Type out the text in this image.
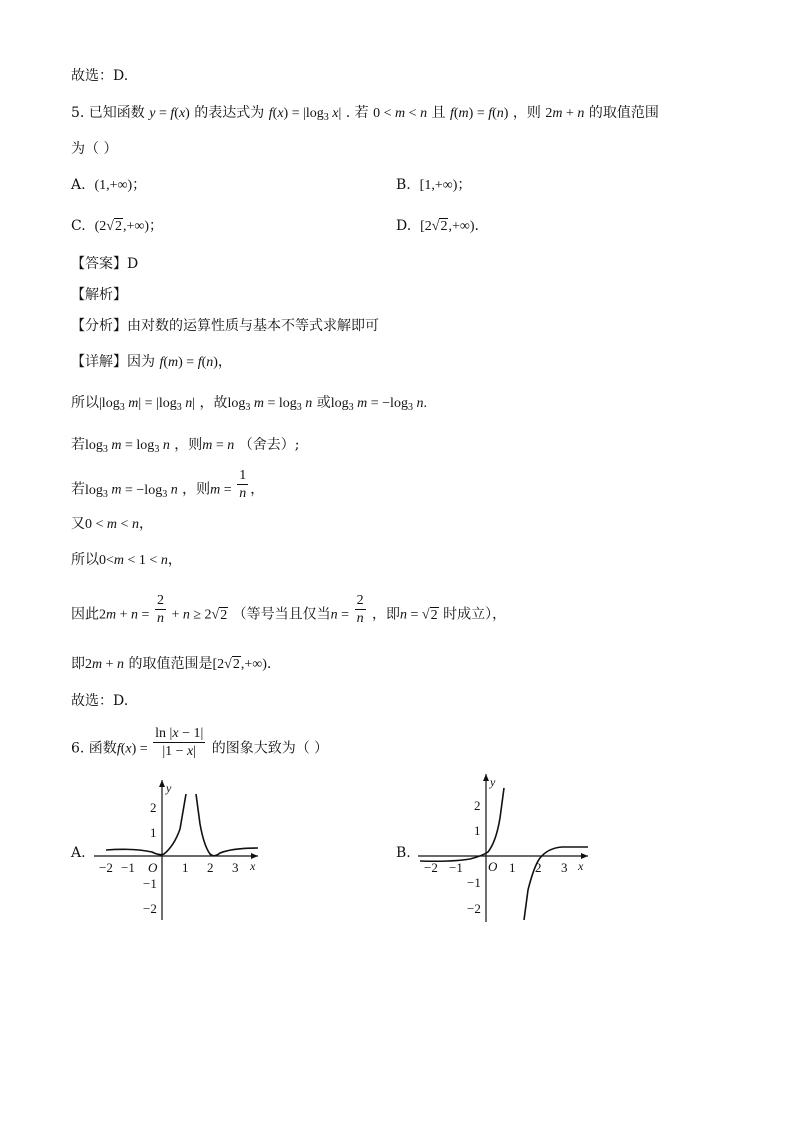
故选：D.
5. 已知函数 y = f(x) 的表达式为 $f(x) = |\log_3$ x| . 若 0 < m < n 且 f(m) = f(n) ，则 2m + n 的取值范围
为（ ）
A. (1,+∞)；	B. [1,+∞)；
C. (2√2,+∞)；	D. [2√2,+∞).
【答案】D
【解析】
【分析】由对数的运算性质与基本不等式求解即可
【详解】因为 f(m) = f(n)，
所以$|\log_3$ $m| = |\log_3$ n| ，故$\log_3 m = \log_3 n$ 或$\log_3 m = -\log_3$ n.
若$\log_3 m = \log_3 n$ ，则m = n （舍去）;
若$\log_3 m = -\log_3$ n ，则$m = \frac{1}{n}$ ，
又0 < m < n，
所以0<m < 1 < n，
因此$2m + n = \frac{2}{n} + n \ge 2√2$ （等号当且仅当$n = \frac{2}{n}$ ，即n = √2 时成立），
即2m + n 的取值范围是[2√2,+∞).
故选：D.
6. 函数$f(x) = \frac{\ln |x - 1|}{|1 - x|}$ 的图象大致为（ ）
A.
−2 −1	1 2 3
2
1
−1
−2
O	x
y
B.
−2 −1	1 2 3
2
1
−1
−2
O	x
y
